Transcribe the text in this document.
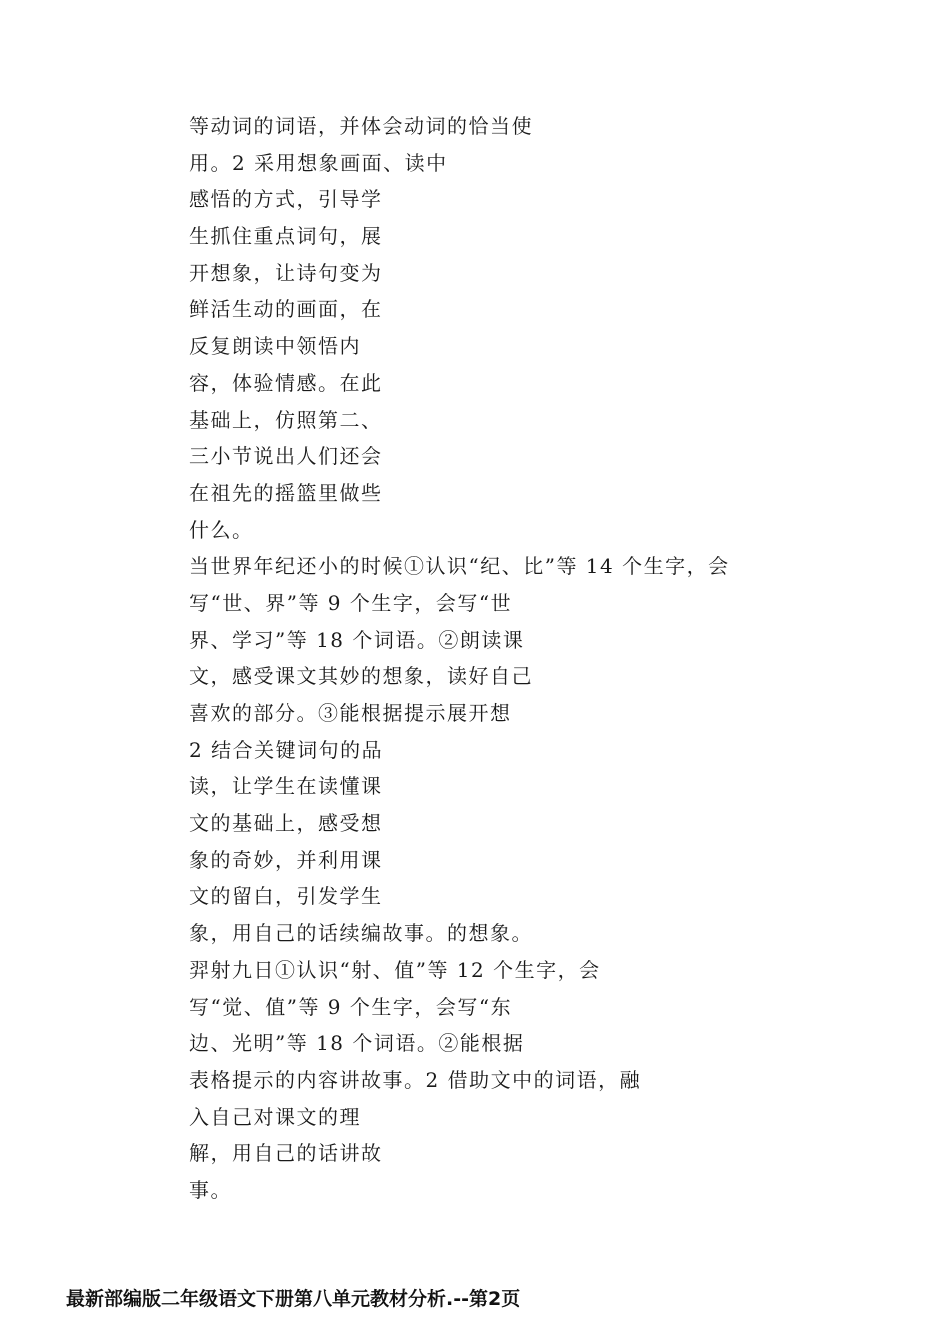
等动词的词语，并体会动词的恰当使
用。2 采用想象画面、读中
感悟的方式，引导学
生抓住重点词句，展
开想象，让诗句变为
鲜活生动的画面，在
反复朗读中领悟内
容，体验情感。在此
基础上，仿照第二、
三小节说出人们还会
在祖先的摇篮里做些
什么。
当世界年纪还小的时候①认识“纪、比”等 14 个生字，会
写“世、界”等 9 个生字，会写“世
界、学习”等 18 个词语。②朗读课
文，感受课文其妙的想象，读好自己
喜欢的部分。③能根据提示展开想
2 结合关键词句的品
读，让学生在读懂课
文的基础上，感受想
象的奇妙，并利用课
文的留白，引发学生
象，用自己的话续编故事。的想象。
羿射九日①认识“射、值”等 12 个生字，会
写“觉、值”等 9 个生字，会写“东
边、光明”等 18 个词语。②能根据
表格提示的内容讲故事。2 借助文中的词语，融
入自己对课文的理
解，用自己的话讲故
事。
最新部编版二年级语文下册第八单元教材分析.--第2页
